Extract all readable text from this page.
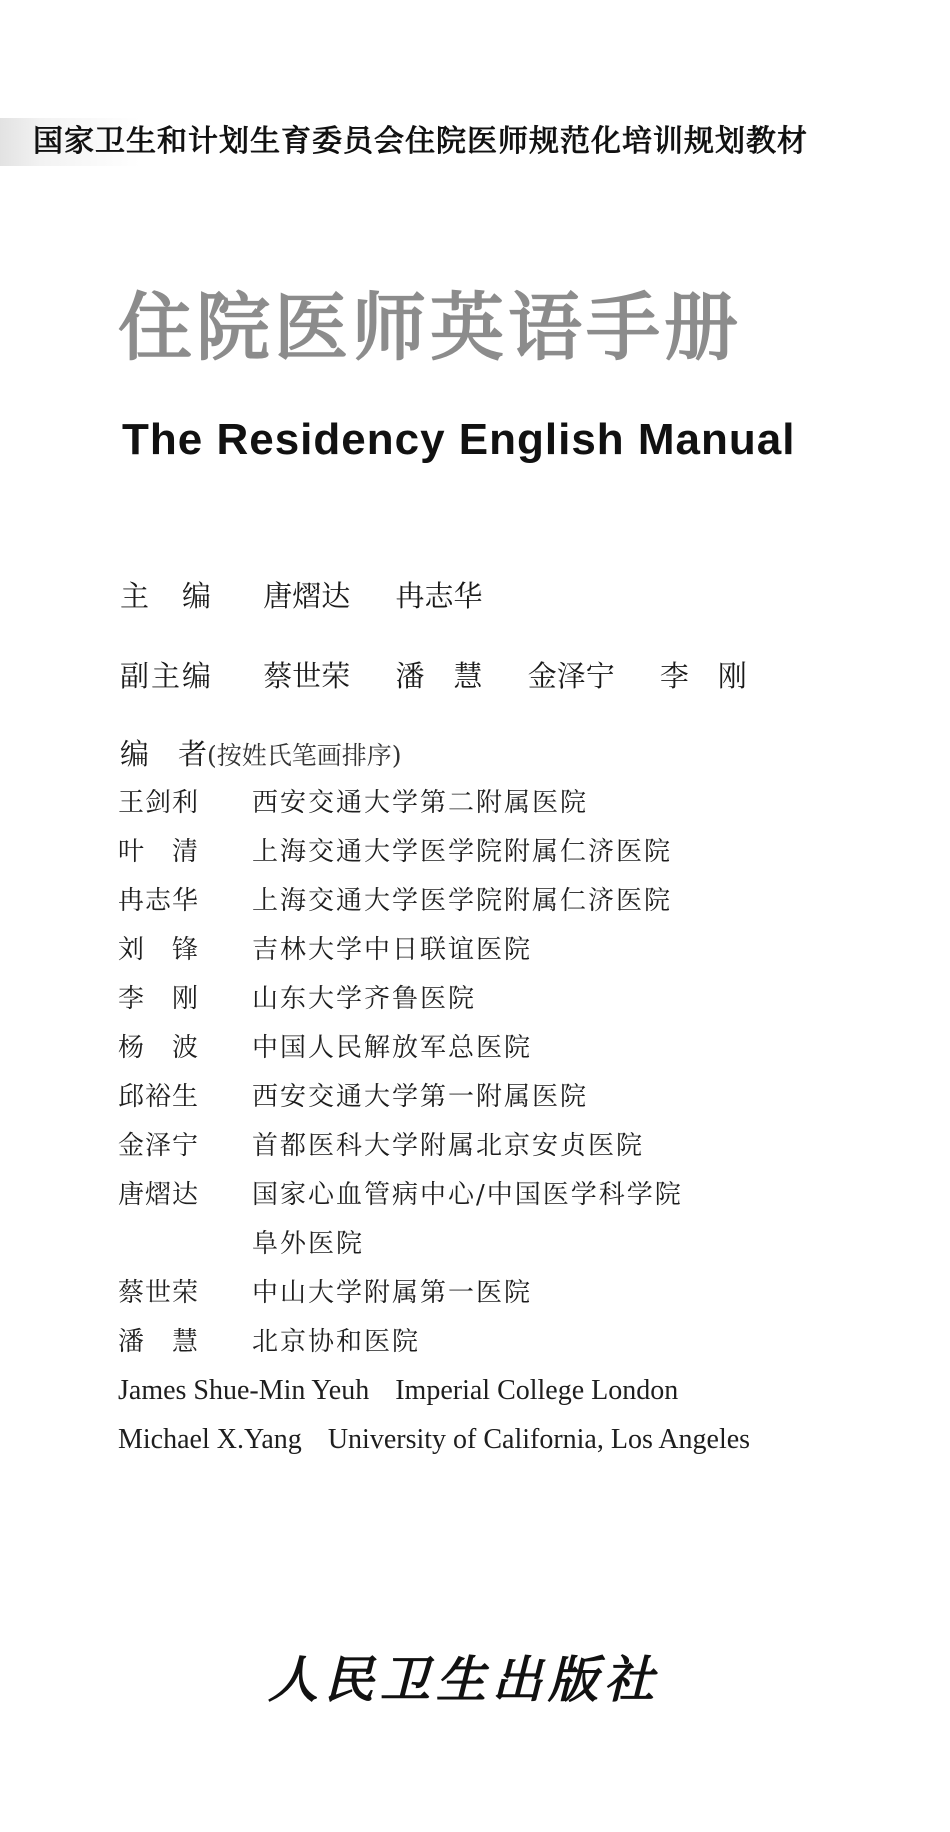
国家卫生和计划生育委员会住院医师规范化培训规划教材
住院医师英语手册
The Residency English Manual
主　编 唐熠达 冉志华
副主编 蔡世荣 潘　慧 金泽宁 李　刚
编　者(按姓氏笔画排序)
王剑利 西安交通大学第二附属医院
叶　清 上海交通大学医学院附属仁济医院
冉志华 上海交通大学医学院附属仁济医院
刘　锋 吉林大学中日联谊医院
李　刚 山东大学齐鲁医院
杨　波 中国人民解放军总医院
邱裕生 西安交通大学第一附属医院
金泽宁 首都医科大学附属北京安贞医院
唐熠达 国家心血管病中心/中国医学科学院
阜外医院
蔡世荣 中山大学附属第一医院
潘　慧 北京协和医院
James Shue-Min Yeuh Imperial College London
Michael X.Yang University of California, Los Angeles
人民卫生出版社
